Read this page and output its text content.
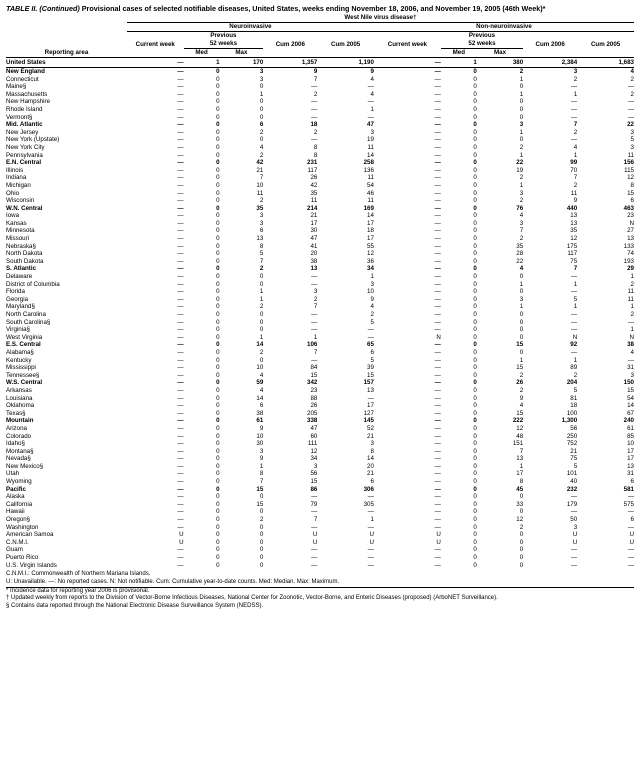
TABLE II. (Continued) Provisional cases of selected notifiable diseases, United States, weeks ending November 18, 2006, and November 19, 2005 (46th Week)*
	West Nile virus disease†									
	Neuroinvasive					Non-neuroinvasive				
		Previous					Previous			
	Current week	52 weeks		Cum 2006	Cum 2005	Current week	52 weeks		Cum 2006	Cum 2005
Reporting area		Med	Max				Med	Max		
United States	—	1	170	1,357	1,190	—	1	380	2,384	1,683
New England	—	0	3	9	9	—	0	2	3	4
Connecticut	—	0	3	7	4	—	0	1	2	2
Maine§	—	0	0	—	—	—	0	0	—	—
Massachusetts	—	0	1	2	4	—	0	1	1	2
New Hampshire	—	0	0	—	—	—	0	0	—	—
Rhode Island	—	0	0	—	1	—	0	0	—	—
Vermont§	—	0	0	—	—	—	0	0	—	—
Mid. Atlantic	—	0	6	18	47	—	0	3	7	22
New Jersey	—	0	2	2	3	—	0	1	2	3
New York (Upstate)	—	0	0	—	19	—	0	0	—	5
New York City	—	0	4	8	11	—	0	2	4	3
Pennsylvania	—	0	2	8	14	—	0	1	1	11
E.N. Central	—	0	42	231	258	—	0	22	99	156
Illinois	—	0	21	117	136	—	0	19	70	115
Indiana	—	0	7	26	11	—	0	2	7	12
Michigan	—	0	10	42	54	—	0	1	2	8
Ohio	—	0	11	35	46	—	0	3	11	15
Wisconsin	—	0	2	11	11	—	0	2	9	6
W.N. Central	—	0	35	214	169	—	0	76	440	463
Iowa	—	0	3	21	14	—	0	4	13	23
Kansas	—	0	3	17	17	—	0	3	13	N
Minnesota	—	0	6	30	18	—	0	7	35	27
Missouri	—	0	13	47	17	—	0	2	12	13
Nebraska§	—	0	8	41	55	—	0	35	175	133
North Dakota	—	0	5	20	12	—	0	28	117	74
South Dakota	—	0	7	38	36	—	0	22	75	193
S. Atlantic	—	0	2	13	34	—	0	4	7	29
Delaware	—	0	0	—	1	—	0	0	—	1
District of Columbia	—	0	0	—	3	—	0	1	1	2
Florida	—	0	1	3	10	—	0	0	—	11
Georgia	—	0	1	2	9	—	0	3	5	11
Maryland§	—	0	2	7	4	—	0	1	1	1
North Carolina	—	0	0	—	2	—	0	0	—	2
South Carolina§	—	0	0	—	5	—	0	0	—	—
Virginia§	—	0	0	—	—	—	0	0	—	1
West Virginia	—	0	1	1	—	N	0	0	N	N
E.S. Central	—	0	14	106	65	—	0	15	92	38
Alabama§	—	0	2	7	6	—	0	0	—	4
Kentucky	—	0	0	—	5	—	0	1	1	—
Mississippi	—	0	10	84	39	—	0	15	89	31
Tennessee§	—	0	4	15	15	—	0	2	2	3
W.S. Central	—	0	59	342	157	—	0	26	204	150
Arkansas	—	0	4	23	13	—	0	2	5	15
Louisiana	—	0	14	88	—	—	0	9	81	54
Oklahoma	—	0	6	26	17	—	0	4	18	14
Texas§	—	0	38	205	127	—	0	15	100	67
Mountain	—	0	61	338	145	—	0	222	1,300	240
Arizona	—	0	9	47	52	—	0	12	56	61
Colorado	—	0	10	60	21	—	0	48	250	85
Idaho§	—	0	30	111	3	—	0	151	752	10
Montana§	—	0	3	12	8	—	0	7	21	17
Nevada§	—	0	9	34	14	—	0	13	75	17
New Mexico§	—	0	1	3	20	—	0	1	5	13
Utah	—	0	8	56	21	—	0	17	101	31
Wyoming	—	0	7	15	6	—	0	8	40	6
Pacific	—	0	15	86	306	—	0	45	232	581
Alaska	—	0	0	—	—	—	0	0	—	—
California	—	0	15	79	305	—	0	33	179	575
Hawaii	—	0	0	—	—	—	0	0	—	—
Oregon§	—	0	2	7	1	—	0	12	50	6
Washington	—	0	0	—	—	—	0	2	3	—
American Samoa	U	0	0	U	U	U	0	0	U	U
C.N.M.I.	U	0	0	U	U	U	0	0	U	U
Guam	—	0	0	—	—	—	0	0	—	—
Puerto Rico	—	0	0	—	—	—	0	0	—	—
U.S. Virgin Islands	—	0	0	—	—	—	0	0	—	—
C.N.M.I.: Commonwealth of Northern Mariana Islands.
U: Unavailable. —: No reported cases. N: Not notifiable. Cum: Cumulative year-to-date counts. Med: Median. Max: Maximum.
* Incidence data for reporting year 2006 is provisional.
† Updated weekly from reports to the Division of Vector-Borne Infectious Diseases, National Center for Zoonotic, Vector-Borne, and Enteric Diseases (proposed) (ArboNET Surveillance).
§ Contains data reported through the National Electronic Disease Surveillance System (NEDSS).
